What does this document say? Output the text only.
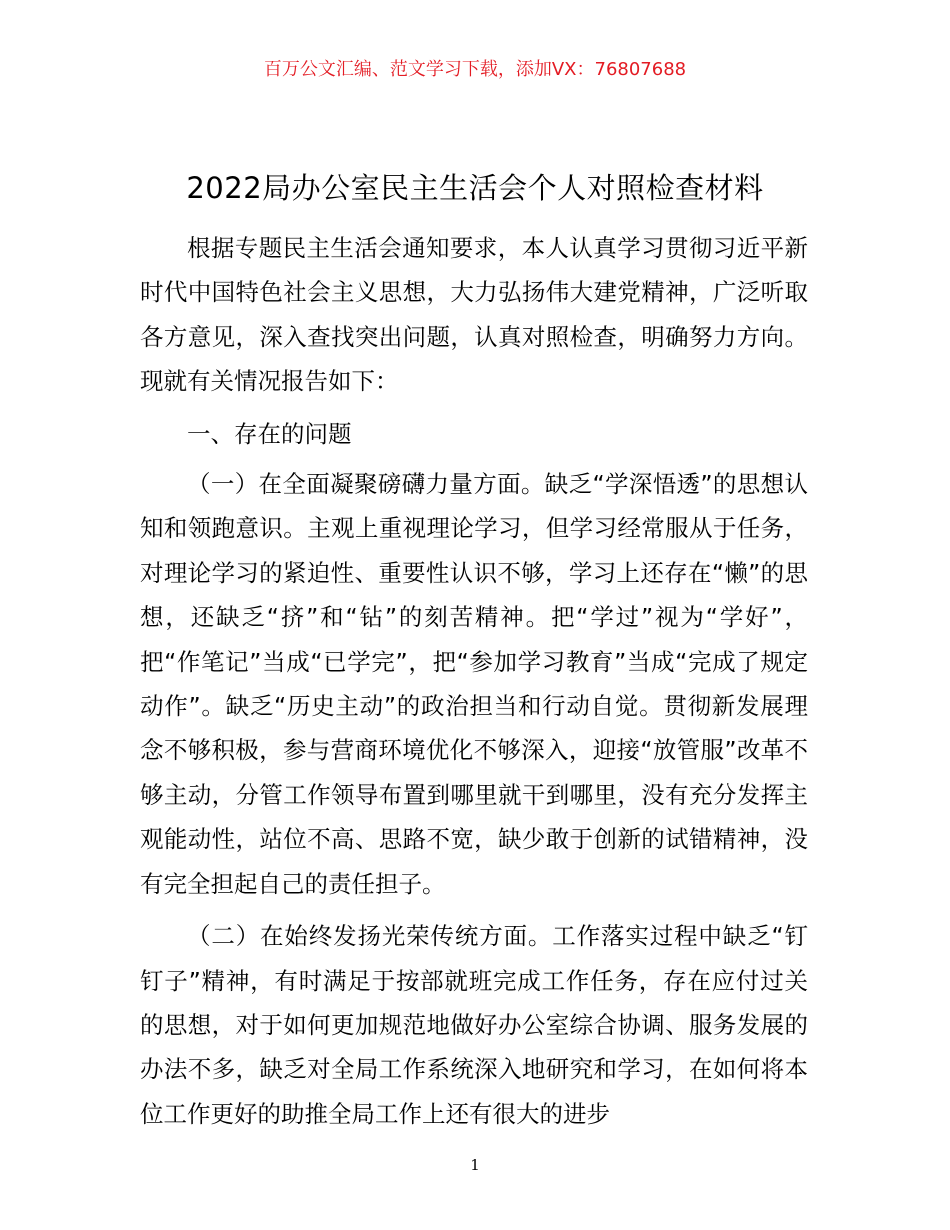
百万公文汇编、范文学习下载，添加VX：76807688
2022局办公室民主生活会个人对照检查材料

根据专题民主生活会通知要求，本人认真学习贯彻习近平新时代中国特色社会主义思想，大力弘扬伟大建党精神，广泛听取各方意见，深入查找突出问题，认真对照检查，明确努力方向。现就有关情况报告如下：

一、存在的问题

（一）在全面凝聚磅礴力量方面。缺乏“学深悟透”的思想认知和领跑意识。主观上重视理论学习，但学习经常服从于任务，对理论学习的紧迫性、重要性认识不够，学习上还存在“懒”的思想，还缺乏“挤”和“钻”的刻苦精神。把“学过”视为“学好”，把“作笔记”当成“已学完”，把“参加学习教育”当成“完成了规定动作”。缺乏“历史主动”的政治担当和行动自觉。贯彻新发展理念不够积极，参与营商环境优化不够深入，迎接“放管服”改革不够主动，分管工作领导布置到哪里就干到哪里，没有充分发挥主观能动性，站位不高、思路不宽，缺少敢于创新的试错精神，没有完全担起自己的责任担子。

（二）在始终发扬光荣传统方面。工作落实过程中缺乏“钉钉子”精神，有时满足于按部就班完成工作任务，存在应付过关的思想，对于如何更加规范地做好办公室综合协调、服务发展的办法不多，缺乏对全局工作系统深入地研究和学习，在如何将本位工作更好的助推全局工作上还有很大的进步

1
